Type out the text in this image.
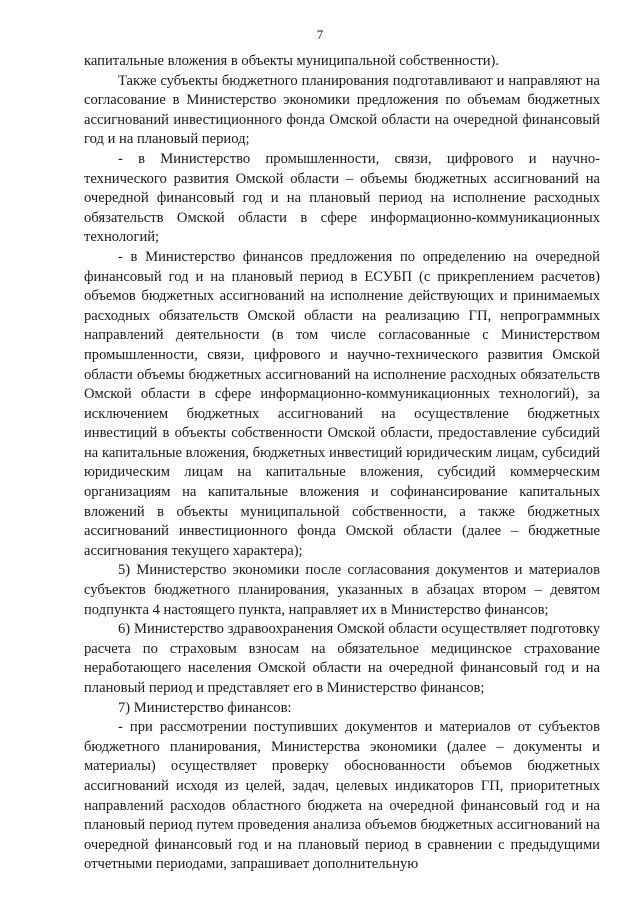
7

капитальные вложения в объекты муниципальной собственности).

Также субъекты бюджетного планирования подготавливают и направляют на согласование в Министерство экономики предложения по объемам бюджетных ассигнований инвестиционного фонда Омской области на очередной финансовый год и на плановый период;

- в Министерство промышленности, связи, цифрового и научно-технического развития Омской области – объемы бюджетных ассигнований на очередной финансовый год и на плановый период на исполнение расходных обязательств Омской области в сфере информационно-коммуникационных технологий;

- в Министерство финансов предложения по определению на очередной финансовый год и на плановый период в ЕСУБП (с прикреплением расчетов) объемов бюджетных ассигнований на исполнение действующих и принимаемых расходных обязательств Омской области на реализацию ГП, непрограммных направлений деятельности (в том числе согласованные с Министерством промышленности, связи, цифрового и научно-технического развития Омской области объемы бюджетных ассигнований на исполнение расходных обязательств Омской области в сфере информационно-коммуникационных технологий), за исключением бюджетных ассигнований на осуществление бюджетных инвестиций в объекты собственности Омской области, предоставление субсидий на капитальные вложения, бюджетных инвестиций юридическим лицам, субсидий юридическим лицам на капитальные вложения, субсидий коммерческим организациям на капитальные вложения и софинансирование капитальных вложений в объекты муниципальной собственности, а также бюджетных ассигнований инвестиционного фонда Омской области (далее – бюджетные ассигнования текущего характера);

5) Министерство экономики после согласования документов и материалов субъектов бюджетного планирования, указанных в абзацах втором – девятом подпункта 4 настоящего пункта, направляет их в Министерство финансов;

6) Министерство здравоохранения Омской области осуществляет подготовку расчета по страховым взносам на обязательное медицинское страхование неработающего населения Омской области на очередной финансовый год и на плановый период и представляет его в Министерство финансов;

7) Министерство финансов:

- при рассмотрении поступивших документов и материалов от субъектов бюджетного планирования, Министерства экономики (далее – документы и материалы) осуществляет проверку обоснованности объемов бюджетных ассигнований исходя из целей, задач, целевых индикаторов ГП, приоритетных направлений расходов областного бюджета на очередной финансовый год и на плановый период путем проведения анализа объемов бюджетных ассигнований на очередной финансовый год и на плановый период в сравнении с предыдущими отчетными периодами, запрашивает дополнительную
